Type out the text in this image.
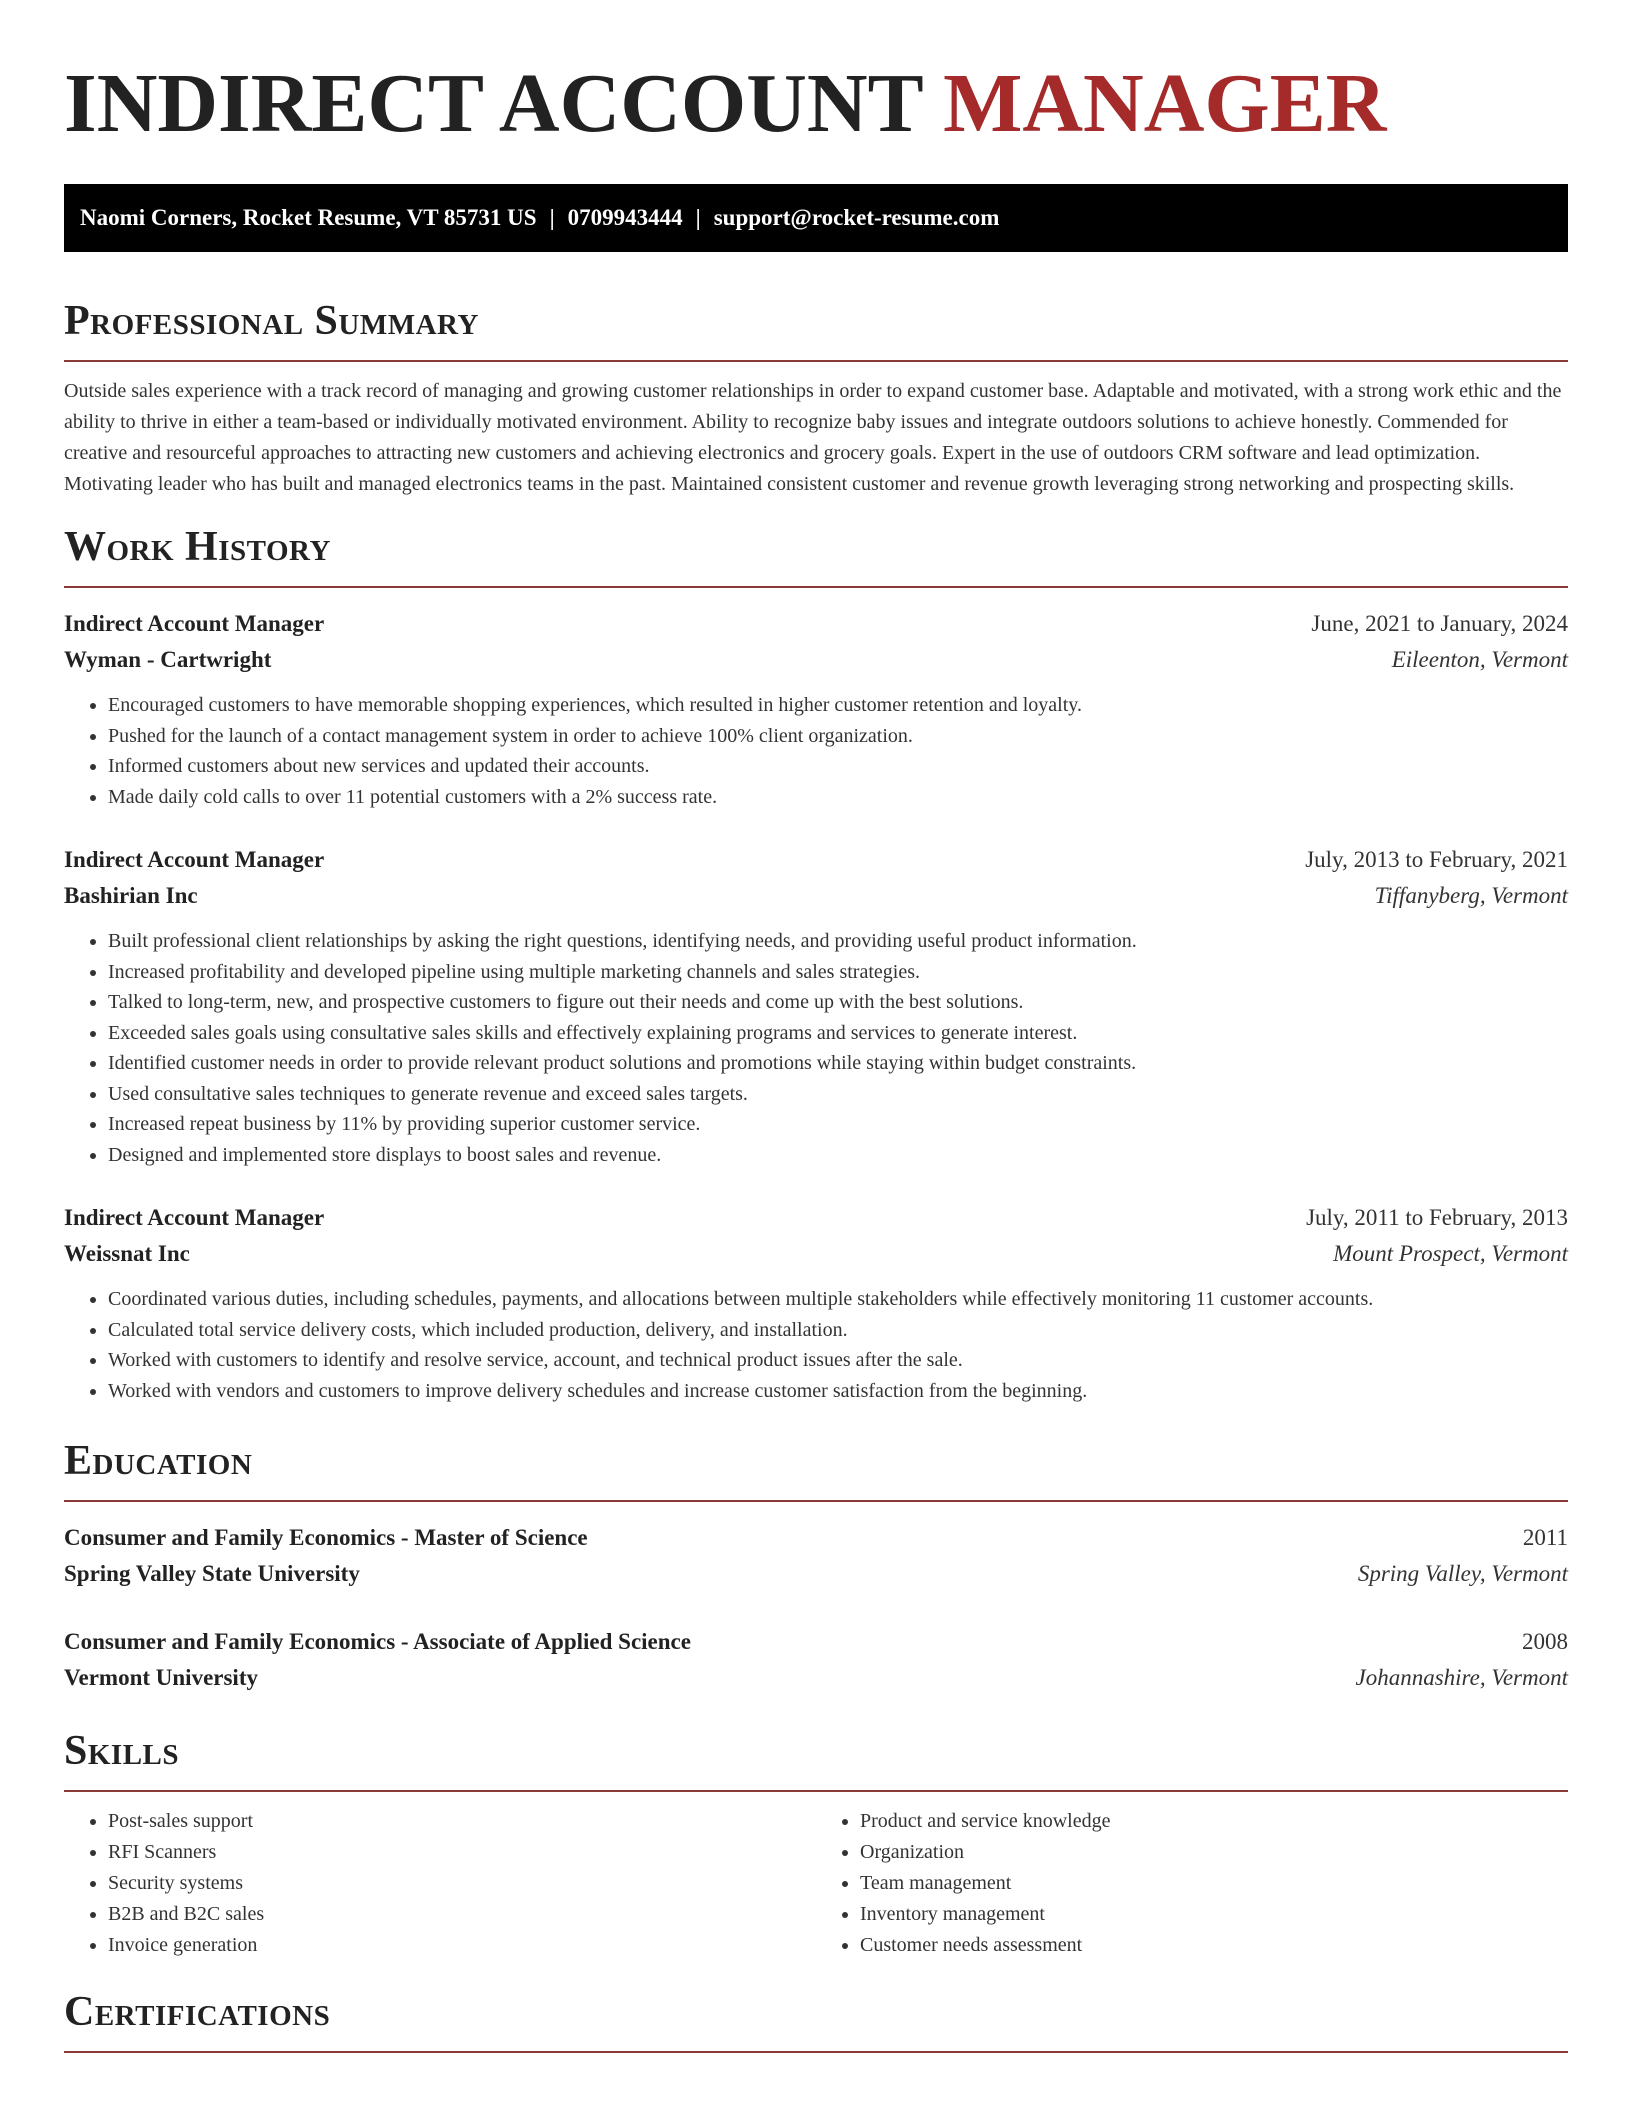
INDIRECT ACCOUNT MANAGER
Naomi Corners, Rocket Resume, VT 85731 US | 0709943444 | support@rocket-resume.com
Professional Summary

Outside sales experience with a track record of managing and growing customer relationships in order to expand customer base. Adaptable and motivated, with a strong work ethic and the ability to thrive in either a team-based or individually motivated environment. Ability to recognize baby issues and integrate outdoors solutions to achieve honestly. Commended for creative and resourceful approaches to attracting new customers and achieving electronics and grocery goals. Expert in the use of outdoors CRM software and lead optimization. Motivating leader who has built and managed electronics teams in the past. Maintained consistent customer and revenue growth leveraging strong networking and prospecting skills.

Work History
Indirect Account Manager	June, 2021 to January, 2024
Wyman - Cartwright	Eileenton, Vermont
• Encouraged customers to have memorable shopping experiences, which resulted in higher customer retention and loyalty.
• Pushed for the launch of a contact management system in order to achieve 100% client organization.
• Informed customers about new services and updated their accounts.
• Made daily cold calls to over 11 potential customers with a 2% success rate.
Indirect Account Manager	July, 2013 to February, 2021
Bashirian Inc	Tiffanyberg, Vermont
• Built professional client relationships by asking the right questions, identifying needs, and providing useful product information.
• Increased profitability and developed pipeline using multiple marketing channels and sales strategies.
• Talked to long-term, new, and prospective customers to figure out their needs and come up with the best solutions.
• Exceeded sales goals using consultative sales skills and effectively explaining programs and services to generate interest.
• Identified customer needs in order to provide relevant product solutions and promotions while staying within budget constraints.
• Used consultative sales techniques to generate revenue and exceed sales targets.
• Increased repeat business by 11% by providing superior customer service.
• Designed and implemented store displays to boost sales and revenue.
Indirect Account Manager	July, 2011 to February, 2013
Weissnat Inc	Mount Prospect, Vermont
• Coordinated various duties, including schedules, payments, and allocations between multiple stakeholders while effectively monitoring 11 customer accounts.
• Calculated total service delivery costs, which included production, delivery, and installation.
• Worked with customers to identify and resolve service, account, and technical product issues after the sale.
• Worked with vendors and customers to improve delivery schedules and increase customer satisfaction from the beginning.
Education
Consumer and Family Economics - Master of Science	2011
Spring Valley State University	Spring Valley, Vermont
Consumer and Family Economics - Associate of Applied Science	2008
Vermont University	Johannashire, Vermont
Skills
• Post-sales support
• RFI Scanners
• Security systems
• B2B and B2C sales
• Invoice generation
• Product and service knowledge
• Organization
• Team management
• Inventory management
• Customer needs assessment
Certifications
